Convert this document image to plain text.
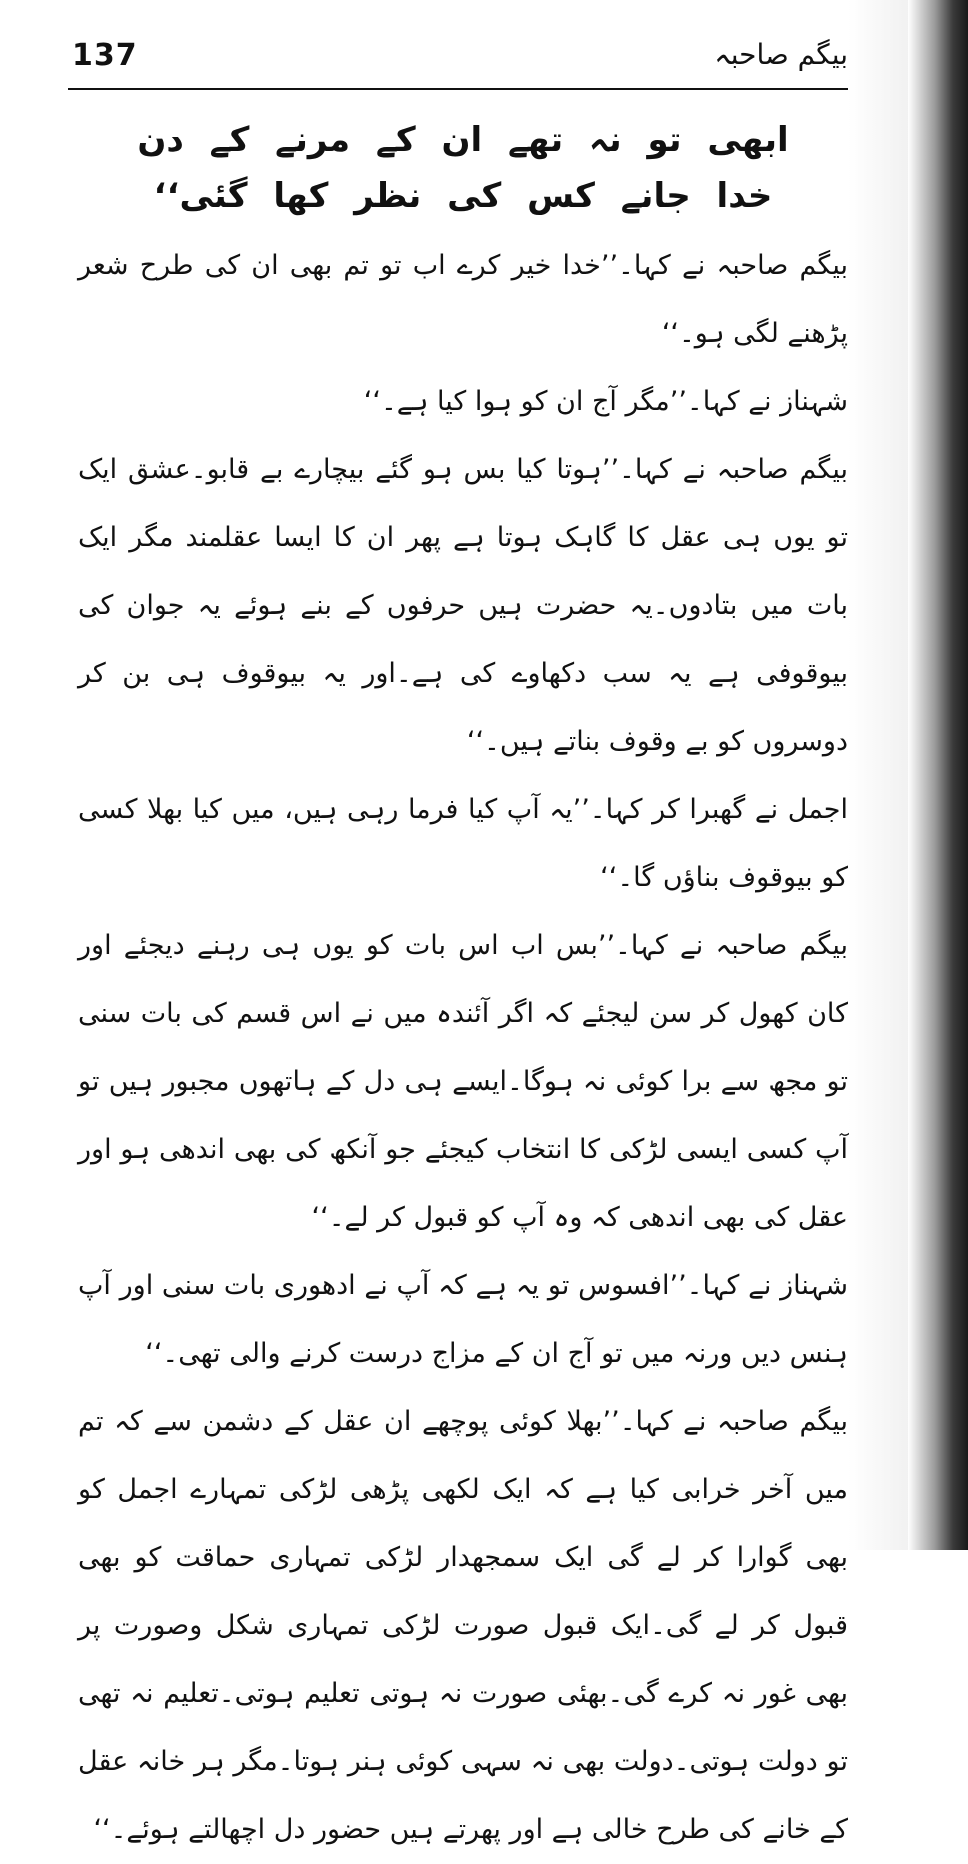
137	بیگم صاحبہ

ابھی تو نہ تھے ان کے مرنے کے دن

خدا جانے کس کی نظر کھا گئی‘‘

بیگم صاحبہ نے کہا۔’’خدا خیر کرے اب تو تم بھی ان کی طرح شعر پڑھنے لگی ہو۔‘‘

شہناز نے کہا۔’’مگر آج ان کو ہوا کیا ہے۔‘‘

بیگم صاحبہ نے کہا۔’’ہوتا کیا بس ہو گئے بیچارے بے قابو۔عشق ایک تو یوں ہی عقل کا گاہک ہوتا ہے پھر ان کا ایسا عقلمند مگر ایک بات میں بتادوں۔یہ حضرت ہیں حرفوں کے بنے ہوئے یہ جوان کی بیوقوفی ہے یہ سب دکھاوے کی ہے۔اور یہ بیوقوف ہی بن کر دوسروں کو بے وقوف بناتے ہیں۔‘‘

اجمل نے گھبرا کر کہا۔’’یہ آپ کیا فرما رہی ہیں، میں کیا بھلا کسی کو بیوقوف بناؤں گا۔‘‘

بیگم صاحبہ نے کہا۔’’بس اب اس بات کو یوں ہی رہنے دیجئے اور کان کھول کر سن لیجئے کہ اگر آئندہ میں نے اس قسم کی بات سنی تو مجھ سے برا کوئی نہ ہوگا۔ایسے ہی دل کے ہاتھوں مجبور ہیں تو آپ کسی ایسی لڑکی کا انتخاب کیجئے جو آنکھ کی بھی اندھی ہو اور عقل کی بھی اندھی کہ وہ آپ کو قبول کر لے۔‘‘

شہناز نے کہا۔’’افسوس تو یہ ہے کہ آپ نے ادھوری بات سنی اور آپ ہنس دیں ورنہ میں تو آج ان کے مزاج درست کرنے والی تھی۔‘‘

بیگم صاحبہ نے کہا۔’’بھلا کوئی پوچھے ان عقل کے دشمن سے کہ تم میں آخر خرابی کیا ہے کہ ایک لکھی پڑھی لڑکی تمہارے اجمل کو بھی گوارا کر لے گی ایک سمجھدار لڑکی تمہاری حماقت کو بھی قبول کر لے گی۔ایک قبول صورت لڑکی تمہاری شکل وصورت پر بھی غور نہ کرے گی۔بھئی صورت نہ ہوتی تعلیم ہوتی۔تعلیم نہ تھی تو دولت ہوتی۔دولت بھی نہ سہی کوئی ہنر ہوتا۔مگر ہر خانہ عقل کے خانے کی طرح خالی ہے اور پھرتے ہیں حضور دل اچھالتے ہوئے۔‘‘
